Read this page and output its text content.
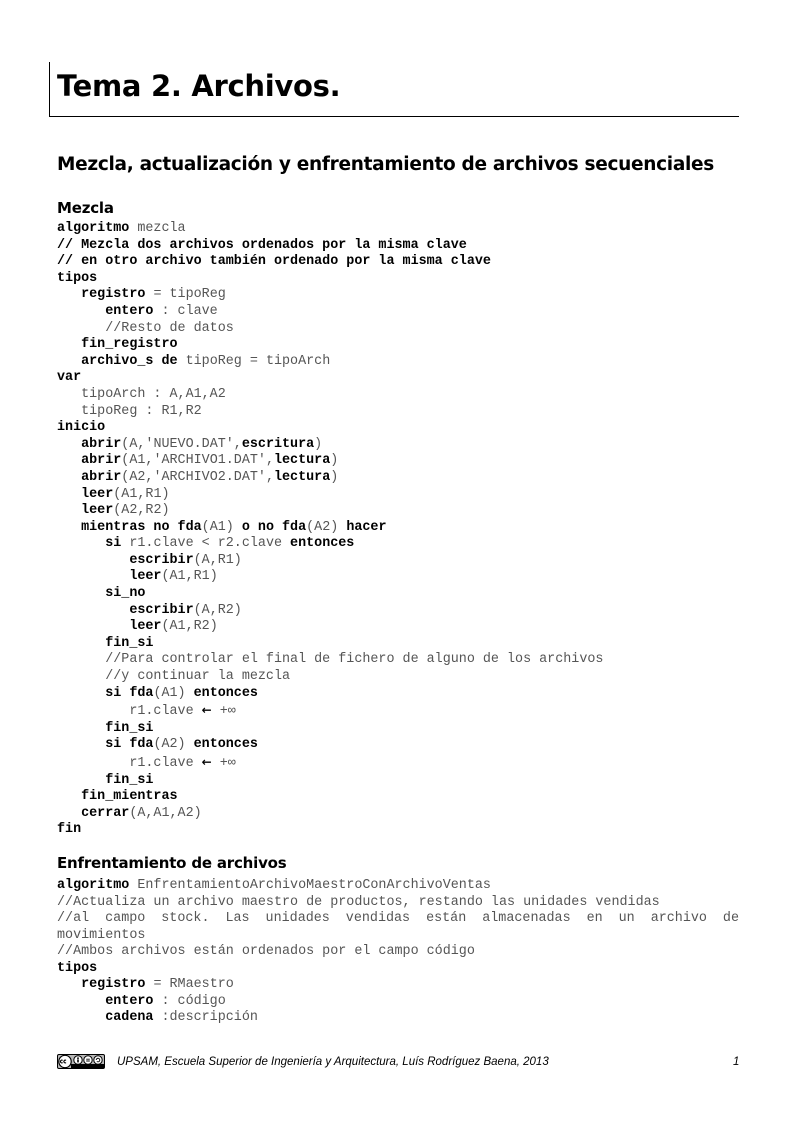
Tema 2. Archivos.
Mezcla, actualización y enfrentamiento de archivos secuenciales
Mezcla
algoritmo mezcla
// Mezcla dos archivos ordenados por la misma clave
// en otro archivo también ordenado por la misma clave
tipos
registro = tipoReg
entero : clave
//Resto de datos
fin_registro
archivo_s de tipoReg = tipoArch
var
tipoArch : A,A1,A2
tipoReg : R1,R2
inicio
abrir(A,'NUEVO.DAT',escritura)
abrir(A1,'ARCHIVO1.DAT',lectura)
abrir(A2,'ARCHIVO2.DAT',lectura)
leer(A1,R1)
leer(A2,R2)
mientras no fda(A1) o no fda(A2) hacer
si r1.clave < r2.clave entonces
escribir(A,R1)
leer(A1,R1)
si_no
escribir(A,R2)
leer(A1,R2)
fin_si
//Para controlar el final de fichero de alguno de los archivos
//y continuar la mezcla
si fda(A1) entonces
r1.clave ← +∞
fin_si
si fda(A2) entonces
r1.clave ← +∞
fin_si
fin_mientras
cerrar(A,A1,A2)
fin
Enfrentamiento de archivos
algoritmo EnfrentamientoArchivoMaestroConArchivoVentas
//Actualiza un archivo maestro de productos, restando las unidades vendidas
//al campo stock. Las unidades vendidas están almacenadas en un archivo de movimientos
//Ambos archivos están ordenados por el campo código
tipos
registro = RMaestro
entero : código
cadena :descripción
UPSAM, Escuela Superior de Ingeniería y Arquitectura, Luís Rodríguez Baena, 2013	1
